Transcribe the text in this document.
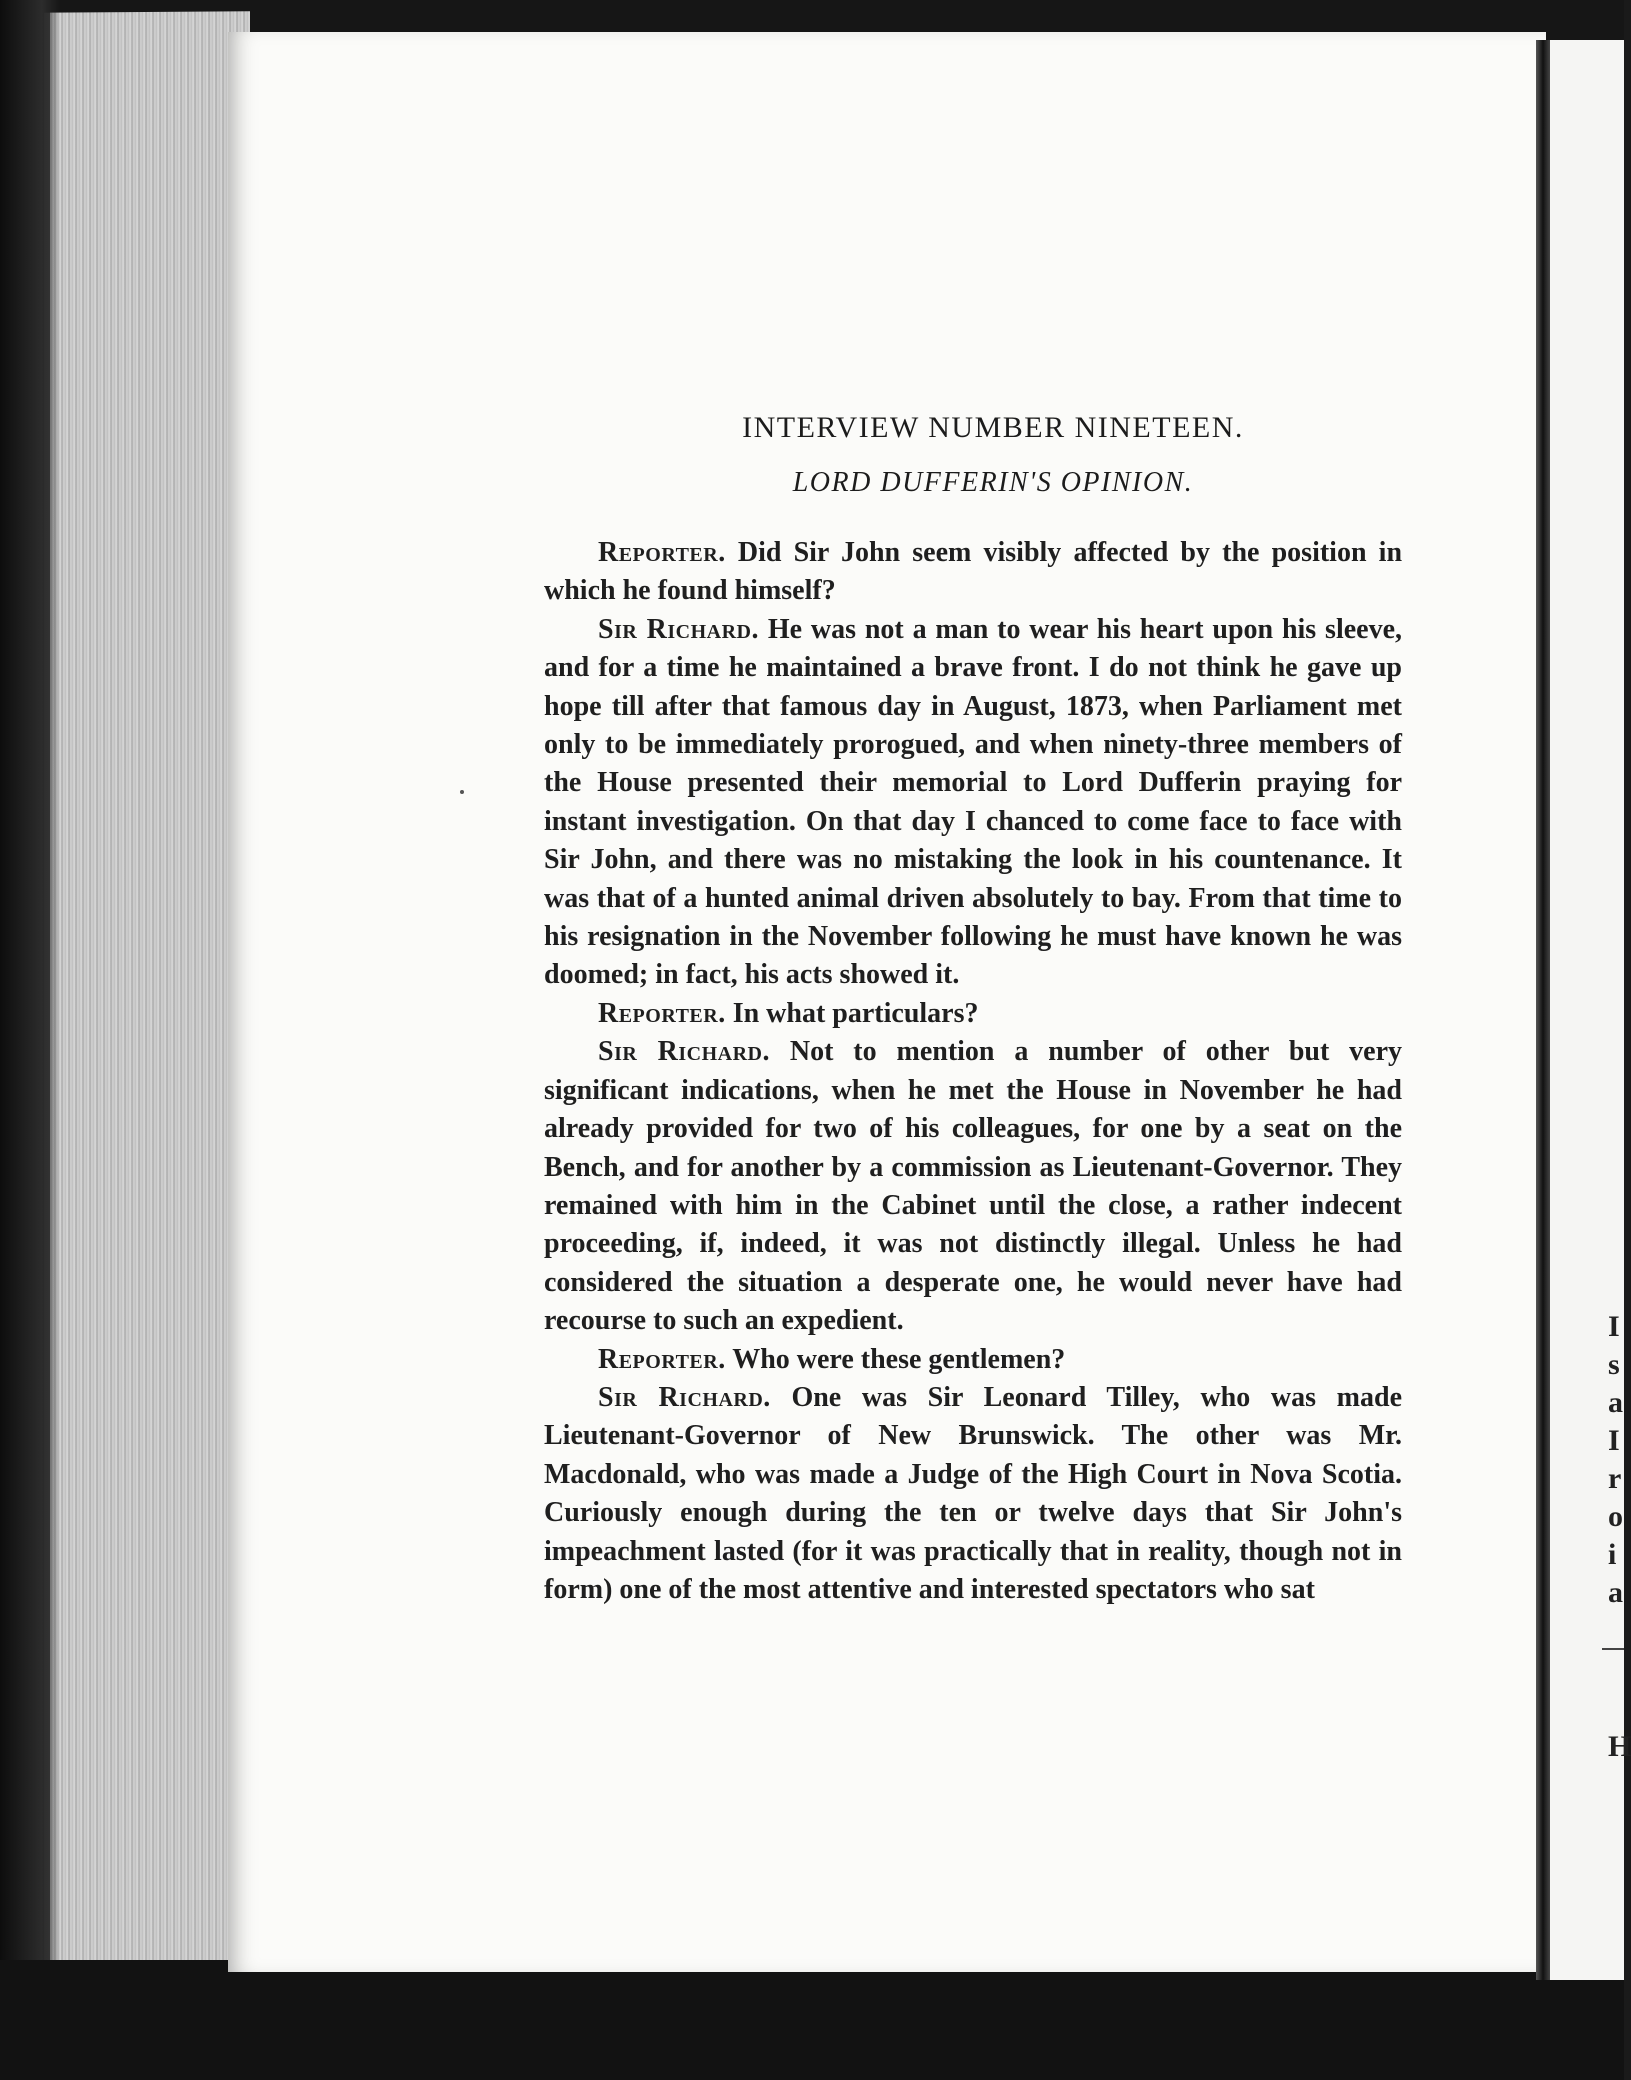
I
s
a
I
r
o
i
a
H
INTERVIEW NUMBER NINETEEN.
LORD DUFFERIN'S OPINION.

Reporter. Did Sir John seem visibly affected by the position in which he found himself?

Sir Richard. He was not a man to wear his heart upon his sleeve, and for a time he maintained a brave front. I do not think he gave up hope till after that famous day in August, 1873, when Parliament met only to be immediately prorogued, and when ninety-three members of the House presented their memorial to Lord Dufferin praying for instant investigation. On that day I chanced to come face to face with Sir John, and there was no mistaking the look in his countenance. It was that of a hunted animal driven absolutely to bay. From that time to his resignation in the November following he must have known he was doomed; in fact, his acts showed it.

Reporter. In what particulars?

Sir Richard. Not to mention a number of other but very significant indications, when he met the House in November he had already provided for two of his colleagues, for one by a seat on the Bench, and for another by a commission as Lieutenant-Governor. They remained with him in the Cabinet until the close, a rather indecent proceeding, if, indeed, it was not distinctly illegal. Unless he had considered the situation a desperate one, he would never have had recourse to such an expedient.

Reporter. Who were these gentlemen?

Sir Richard. One was Sir Leonard Tilley, who was made Lieutenant-Governor of New Brunswick. The other was Mr. Macdonald, who was made a Judge of the High Court in Nova Scotia. Curiously enough during the ten or twelve days that Sir John's impeachment lasted (for it was practically that in reality, though not in form) one of the most attentive and interested spectators who sat
